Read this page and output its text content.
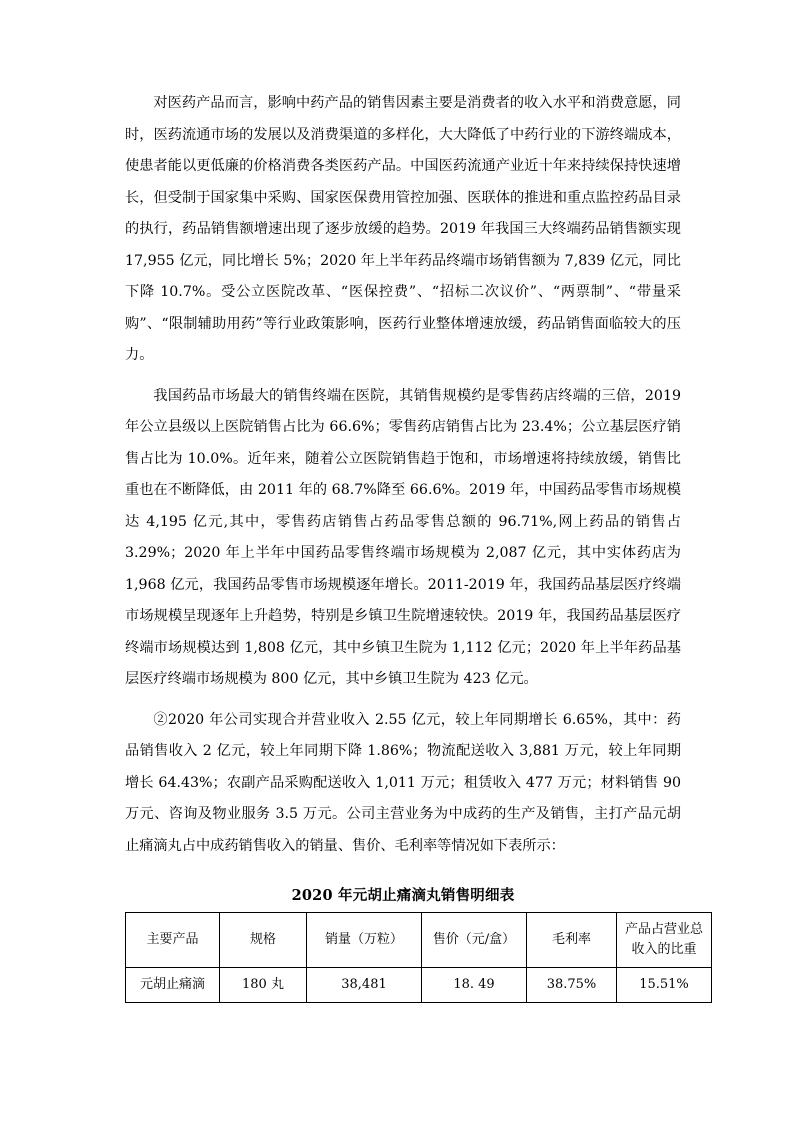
对医药产品而言，影响中药产品的销售因素主要是消费者的收入水平和消费意愿，同时，医药流通市场的发展以及消费渠道的多样化，大大降低了中药行业的下游终端成本，使患者能以更低廉的价格消费各类医药产品。中国医药流通产业近十年来持续保持快速增长，但受制于国家集中采购、国家医保费用管控加强、医联体的推进和重点监控药品目录的执行，药品销售额增速出现了逐步放缓的趋势。2019 年我国三大终端药品销售额实现 17,955 亿元，同比增长 5%；2020 年上半年药品终端市场销售额为 7,839 亿元，同比下降 10.7%。受公立医院改革、“医保控费”、“招标二次议价”、“两票制”、“带量采购”、“限制辅助用药”等行业政策影响，医药行业整体增速放缓，药品销售面临较大的压力。

我国药品市场最大的销售终端在医院，其销售规模约是零售药店终端的三倍，2019 年公立县级以上医院销售占比为 66.6%；零售药店销售占比为 23.4%；公立基层医疗销售占比为 10.0%。近年来，随着公立医院销售趋于饱和，市场增速将持续放缓，销售比重也在不断降低，由 2011 年的 68.7%降至 66.6%。2019 年，中国药品零售市场规模达 4,195 亿元,其中，零售药店销售占药品零售总额的 96.71%,网上药品的销售占 3.29%；2020 年上半年中国药品零售终端市场规模为 2,087 亿元，其中实体药店为 1,968 亿元，我国药品零售市场规模逐年增长。2011-2019 年，我国药品基层医疗终端市场规模呈现逐年上升趋势，特别是乡镇卫生院增速较快。2019 年，我国药品基层医疗终端市场规模达到 1,808 亿元，其中乡镇卫生院为 1,112 亿元；2020 年上半年药品基层医疗终端市场规模为 800 亿元，其中乡镇卫生院为 423 亿元。

②2020 年公司实现合并营业收入 2.55 亿元，较上年同期增长 6.65%，其中：药品销售收入 2 亿元，较上年同期下降 1.86%；物流配送收入 3,881 万元，较上年同期增长 64.43%；农副产品采购配送收入 1,011 万元；租赁收入 477 万元；材料销售 90 万元、咨询及物业服务 3.5 万元。公司主营业务为中成药的生产及销售，主打产品元胡止痛滴丸占中成药销售收入的销量、售价、毛利率等情况如下表所示：

2020 年元胡止痛滴丸销售明细表
主要产品	规格	销量（万粒）	售价（元/盒）	毛利率	产品占营业总收入的比重
元胡止痛滴	180 丸	38,481	18. 49	38.75%	15.51%
